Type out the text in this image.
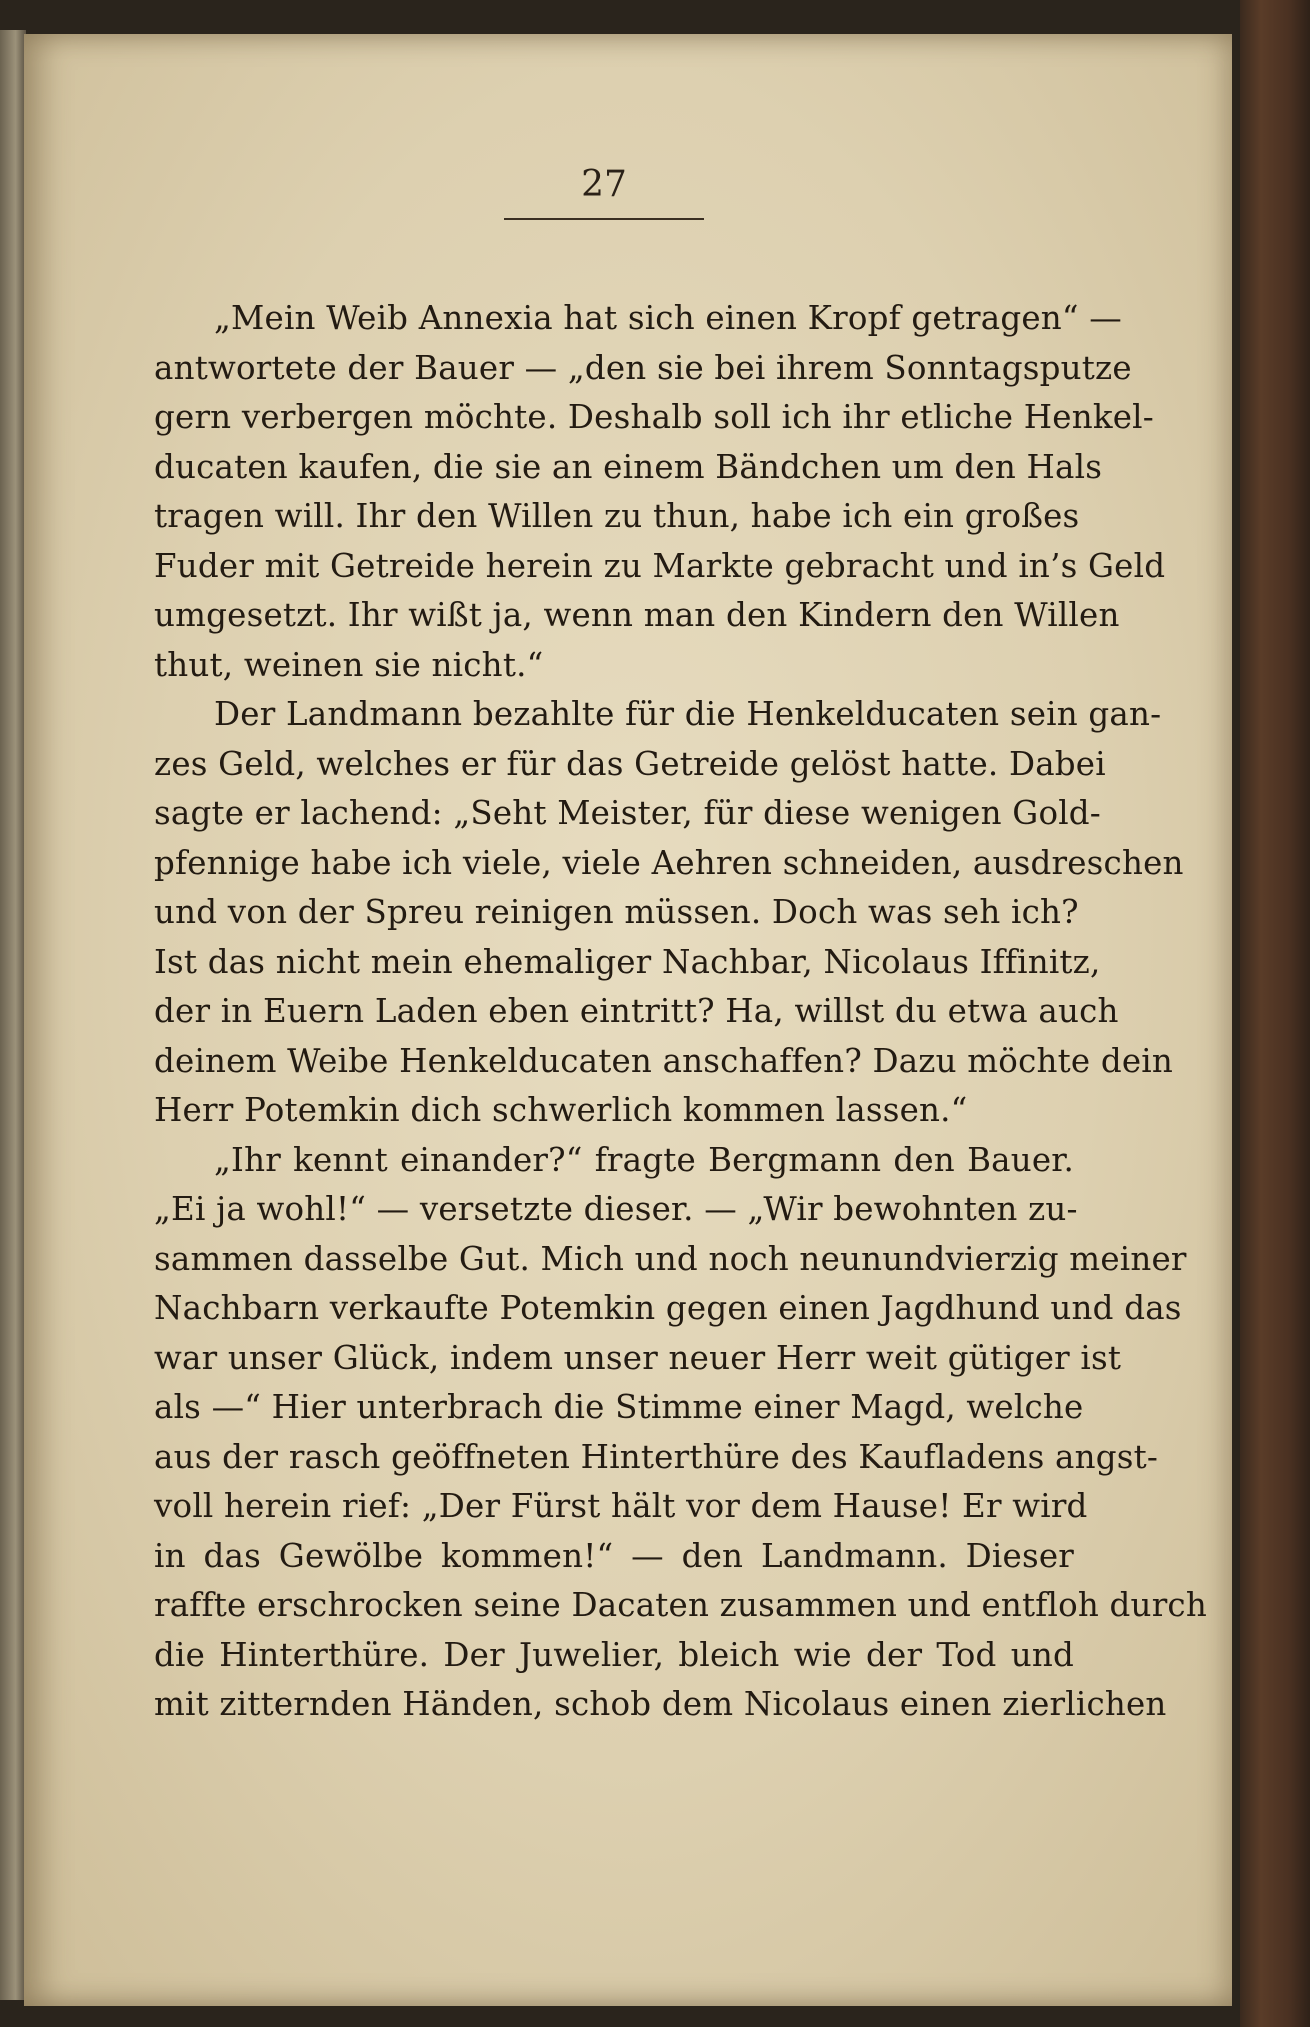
27
„Mein Weib Annexia hat sich einen Kropf getragen“ —
antwortete der Bauer — „den sie bei ihrem Sonntagsputze
gern verbergen möchte. Deshalb soll ich ihr etliche Henkel-
ducaten kaufen, die sie an einem Bändchen um den Hals
tragen will. Ihr den Willen zu thun, habe ich ein großes
Fuder mit Getreide herein zu Markte gebracht und in’s Geld
umgesetzt. Ihr wißt ja, wenn man den Kindern den Willen
thut, weinen sie nicht.“
Der Landmann bezahlte für die Henkelducaten sein gan-
zes Geld, welches er für das Getreide gelöst hatte. Dabei
sagte er lachend: „Seht Meister, für diese wenigen Gold-
pfennige habe ich viele, viele Aehren schneiden, ausdreschen
und von der Spreu reinigen müssen. Doch was seh ich?
Ist das nicht mein ehemaliger Nachbar, Nicolaus Iffinitz,
der in Euern Laden eben eintritt? Ha, willst du etwa auch
deinem Weibe Henkelducaten anschaffen? Dazu möchte dein
Herr Potemkin dich schwerlich kommen lassen.“
„Ihr kennt einander?“ fragte Bergmann den Bauer.
„Ei ja wohl!“ — versetzte dieser. — „Wir bewohnten zu-
sammen dasselbe Gut. Mich und noch neunundvierzig meiner
Nachbarn verkaufte Potemkin gegen einen Jagdhund und das
war unser Glück, indem unser neuer Herr weit gütiger ist
als —“ Hier unterbrach die Stimme einer Magd, welche
aus der rasch geöffneten Hinterthüre des Kaufladens angst-
voll herein rief: „Der Fürst hält vor dem Hause! Er wird
in das Gewölbe kommen!“ — den Landmann. Dieser
raffte erschrocken seine Dacaten zusammen und entfloh durch
die Hinterthüre. Der Juwelier, bleich wie der Tod und
mit zitternden Händen, schob dem Nicolaus einen zierlichen
